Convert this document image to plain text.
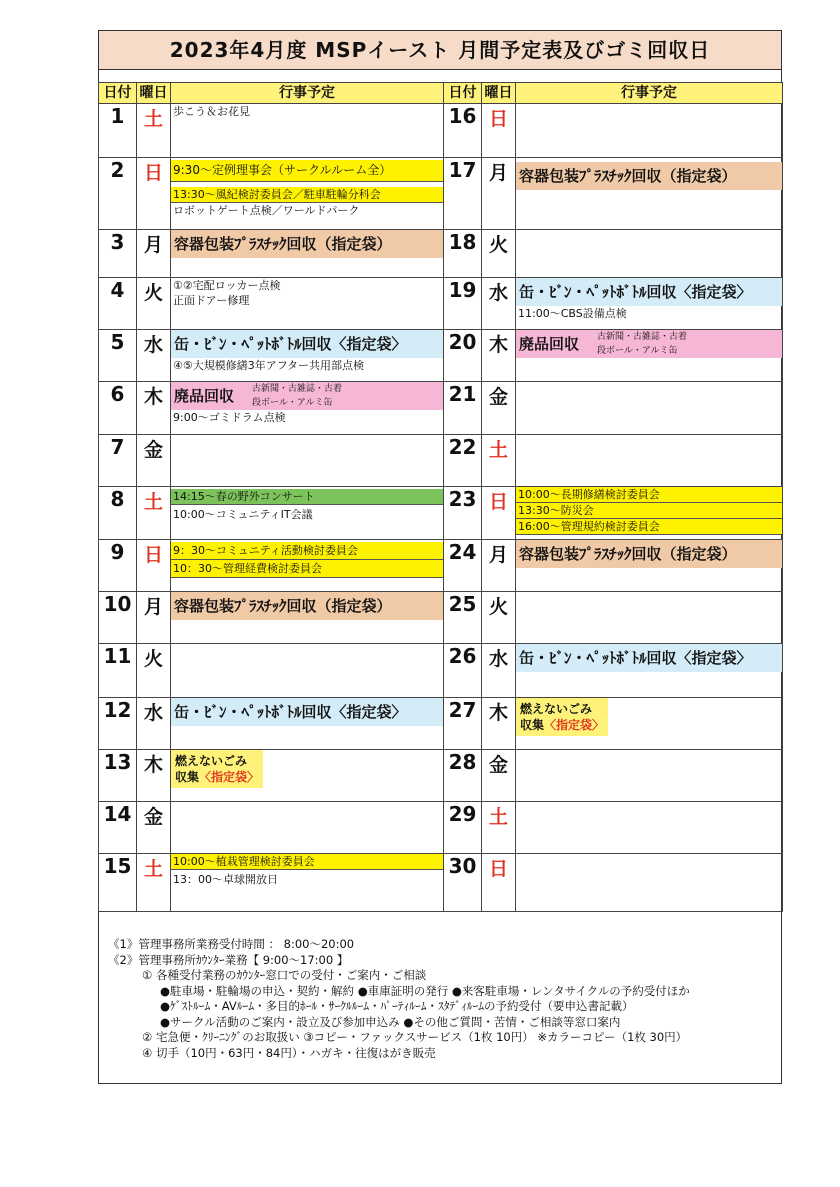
2023年4月度 MSPイースト 月間予定表及びゴミ回収日
日付	曜日	行事予定	日付	曜日	行事予定
1	土	歩こう＆お花見	16	日	
2	日	9:30～定例理事会（サークルルーム全）
13:30～風紀検討委員会／駐車駐輪分科会
ロボットゲート点検／ワールドパーク	17	月	容器包装ﾌﾟﾗｽﾁｯｸ回収（指定袋）

3	月	容器包装ﾌﾟﾗｽﾁｯｸ回収（指定袋）	18	火	
4	火	①②宅配ロッカー点検
正面ドアー修理	19	水	缶・ﾋﾞﾝ・ﾍﾟｯﾄﾎﾞﾄﾙ回収〈指定袋〉
11:00～CBS設備点検

5	水	缶・ﾋﾞﾝ・ﾍﾟｯﾄﾎﾞﾄﾙ回収〈指定袋〉
④⑤大規模修繕3年アフター共用部点検	20	木	廃品回収 古新聞・古雑誌・古着
段ボール・アルミ缶

6	木	廃品回収 古新聞・古雑誌・古着
段ボール・アルミ缶
9:00～ゴミドラム点検	21	金	
7	金		22	土	
8	土	14:15～春の野外コンサート
10:00～コミュニティIT会議	23	日	10:00～長期修繕検討委員会
13:30～防災会
16:00～管理規約検討委員会

9	日	9：30～コミュニティ活動検討委員会
10：30～管理経費検討委員会	24	月	容器包装ﾌﾟﾗｽﾁｯｸ回収（指定袋）

10	月	容器包装ﾌﾟﾗｽﾁｯｸ回収（指定袋）	25	火	
11	火		26	水	缶・ﾋﾞﾝ・ﾍﾟｯﾄﾎﾞﾄﾙ回収〈指定袋〉

12	水	缶・ﾋﾞﾝ・ﾍﾟｯﾄﾎﾞﾄﾙ回収〈指定袋〉	27	木	燃えないごみ
収集〈指定袋〉
13	木	燃えないごみ
収集〈指定袋〉	28	金	
14	金		29	土	
15	土	10:00～植栽管理検討委員会
13：00～卓球開放日	30	日	
《1》管理事務所業務受付時間 ： 8:00～20:00
《2》管理事務所ｶｳﾝﾀｰ業務【 9:00～17:00 】
① 各種受付業務のｶｳﾝﾀｰ窓口での受付・ご案内・ご相談
●駐車場・駐輪場の申込・契約・解約 ●車庫証明の発行 ●来客駐車場・レンタサイクルの予約受付ほか
●ｹﾞｽﾄﾙｰﾑ・AVﾙｰﾑ・多目的ﾎｰﾙ・ｻｰｸﾙﾙｰﾑ・ﾊﾟｰﾃｨﾙｰﾑ・ｽﾀﾃﾞｨﾙｰﾑの予約受付（要申込書記載）
●サークル活動のご案内・設立及び参加申込み ●その他ご質問・苦情・ご相談等窓口案内
② 宅急便・ｸﾘｰﾆﾝｸﾞのお取扱い ③コピー・ファックスサービス（1枚 10円） ※カラーコピー（1枚 30円）
④ 切手（10円・63円・84円）・ハガキ・往復はがき販売
